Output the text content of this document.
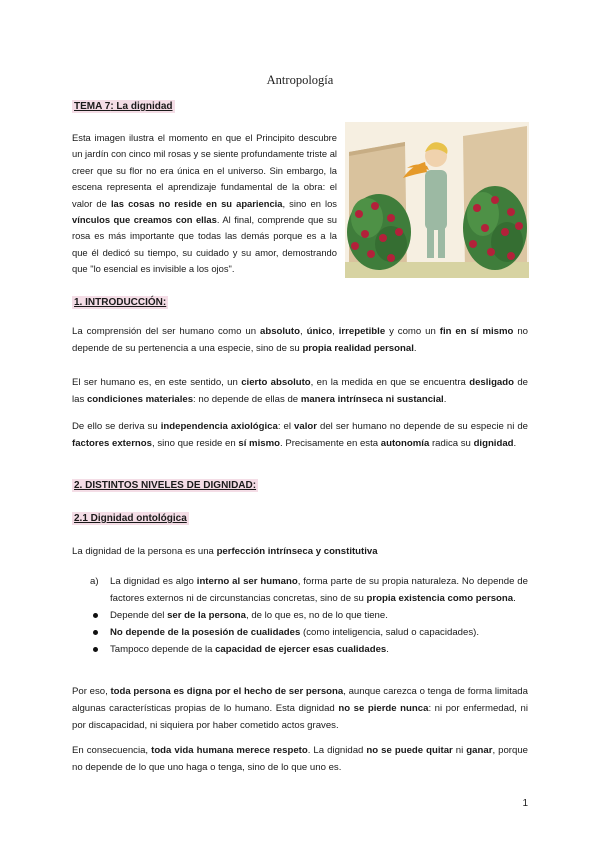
Antropología
TEMA 7: La dignidad
Esta imagen ilustra el momento en que el Principito descubre un jardín con cinco mil rosas y se siente profundamente triste al creer que su flor no era única en el universo. Sin embargo, la escena representa el aprendizaje fundamental de la obra: el valor de las cosas no reside en su apariencia, sino en los vínculos que creamos con ellas. Al final, comprende que su rosa es más importante que todas las demás porque es a la que él dedicó su tiempo, su cuidado y su amor, demostrando que "lo esencial es invisible a los ojos".
1. INTRODUCCIÓN:

La comprensión del ser humano como un absoluto, único, irrepetible y como un fin en sí mismo no depende de su pertenencia a una especie, sino de su propia realidad personal.

El ser humano es, en este sentido, un cierto absoluto, en la medida en que se encuentra desligado de las condiciones materiales: no depende de ellas de manera intrínseca ni sustancial.

De ello se deriva su independencia axiológica: el valor del ser humano no depende de su especie ni de factores externos, sino que reside en sí mismo. Precisamente en esta autonomía radica su dignidad.

2. DISTINTOS NIVELES DE DIGNIDAD:
2.1 Dignidad ontológica

La dignidad de la persona es una perfección intrínseca y constitutiva

a) La dignidad es algo interno al ser humano, forma parte de su propia naturaleza. No depende de factores externos ni de circunstancias concretas, sino de su propia existencia como persona.
Depende del ser de la persona, de lo que es, no de lo que tiene.
No depende de la posesión de cualidades (como inteligencia, salud o capacidades).
Tampoco depende de la capacidad de ejercer esas cualidades.

Por eso, toda persona es digna por el hecho de ser persona, aunque carezca o tenga de forma limitada algunas características propias de lo humano. Esta dignidad no se pierde nunca: ni por enfermedad, ni por discapacidad, ni siquiera por haber cometido actos graves.

En consecuencia, toda vida humana merece respeto. La dignidad no se puede quitar ni ganar, porque no depende de lo que uno haga o tenga, sino de lo que uno es.

1
